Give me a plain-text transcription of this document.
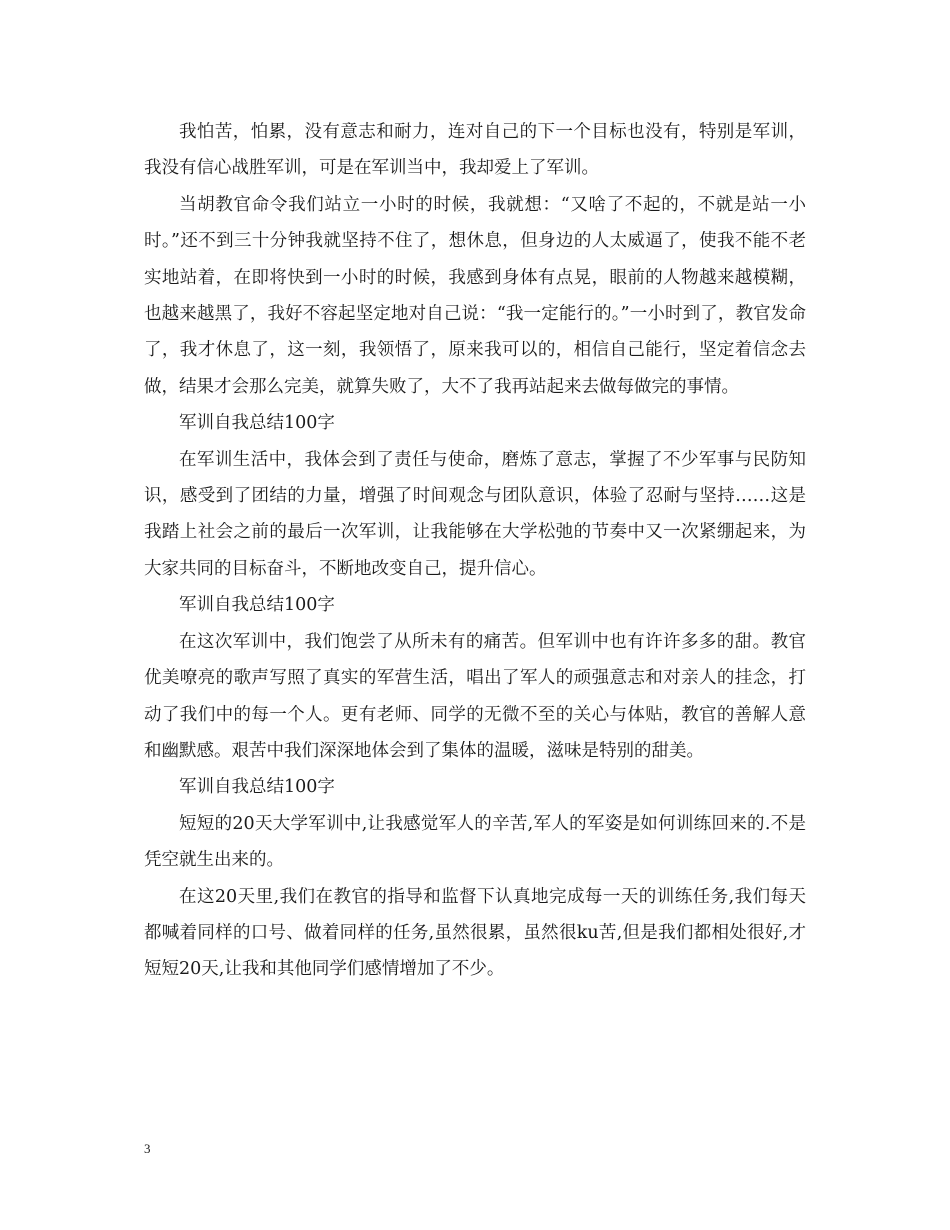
我怕苦，怕累，没有意志和耐力，连对自己的下一个目标也没有，特别是军训，我没有信心战胜军训，可是在军训当中，我却爱上了军训。

当胡教官命令我们站立一小时的时候，我就想：“又啥了不起的，不就是站一小时。”还不到三十分钟我就坚持不住了，想休息，但身边的人太威逼了，使我不能不老实地站着，在即将快到一小时的时候，我感到身体有点晃，眼前的人物越来越模糊，也越来越黑了，我好不容起坚定地对自己说：“我一定能行的。”一小时到了，教官发命了，我才休息了，这一刻，我领悟了，原来我可以的，相信自己能行，坚定着信念去做，结果才会那么完美，就算失败了，大不了我再站起来去做每做完的事情。

军训自我总结100字

在军训生活中，我体会到了责任与使命，磨炼了意志，掌握了不少军事与民防知识，感受到了团结的力量，增强了时间观念与团队意识，体验了忍耐与坚持……这是我踏上社会之前的最后一次军训，让我能够在大学松弛的节奏中又一次紧绷起来，为大家共同的目标奋斗，不断地改变自己，提升信心。

军训自我总结100字

在这次军训中，我们饱尝了从所未有的痛苦。但军训中也有许许多多的甜。教官优美嘹亮的歌声写照了真实的军营生活，唱出了军人的顽强意志和对亲人的挂念，打动了我们中的每一个人。更有老师、同学的无微不至的关心与体贴，教官的善解人意和幽默感。艰苦中我们深深地体会到了集体的温暖，滋味是特别的甜美。

军训自我总结100字

短短的20天大学军训中,让我感觉军人的辛苦,军人的军姿是如何训练回来的.不是凭空就生出来的。

在这20天里,我们在教官的指导和监督下认真地完成每一天的训练任务,我们每天都喊着同样的口号、做着同样的任务,虽然很累，虽然很ku苦,但是我们都相处很好,才短短20天,让我和其他同学们感情增加了不少。

3
